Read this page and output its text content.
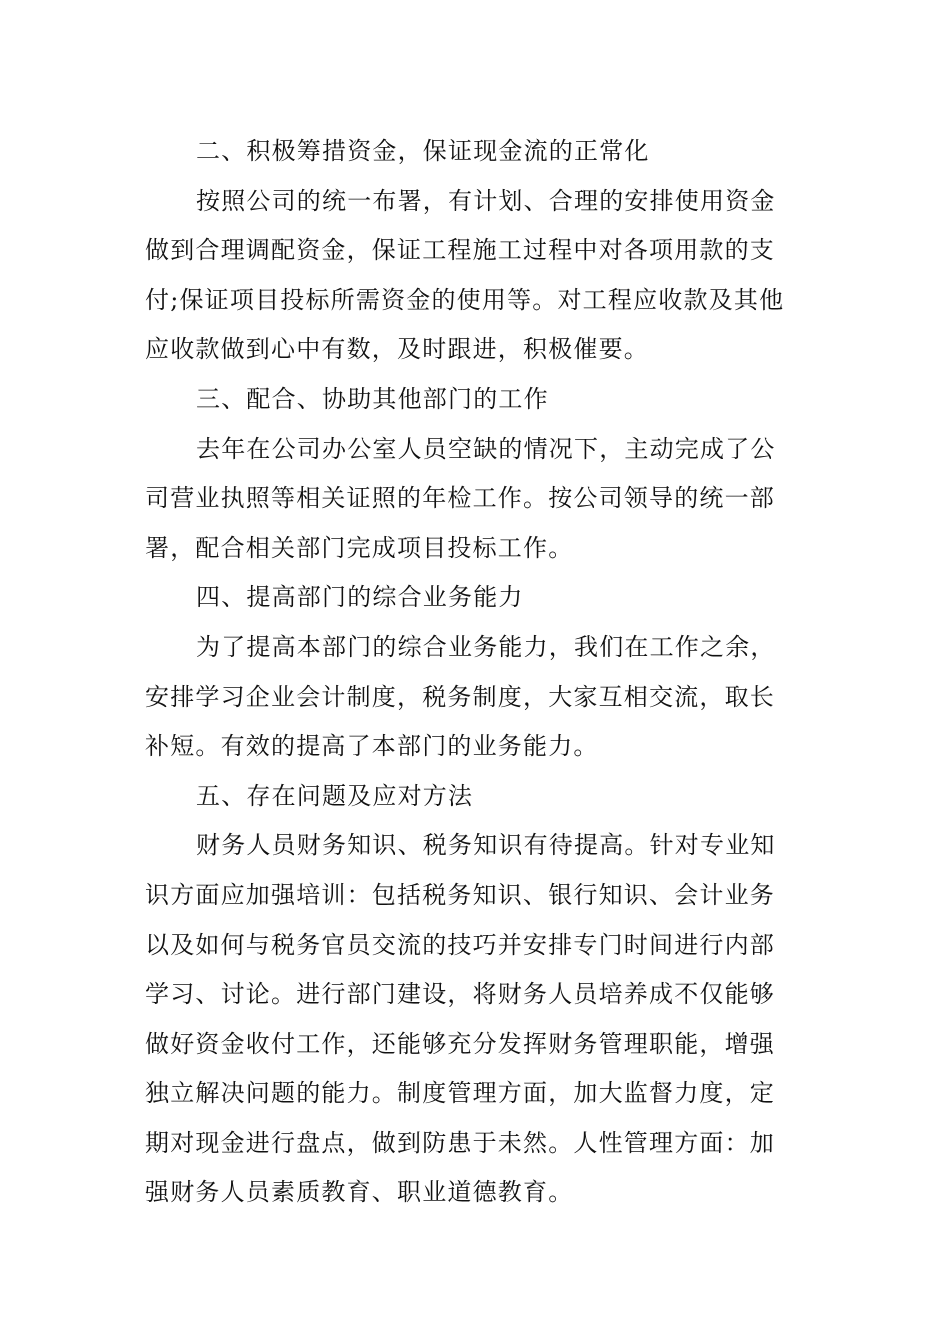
二、积极筹措资金，保证现金流的正常化
按照公司的统一布署，有计划、合理的安排使用资金
做到合理调配资金，保证工程施工过程中对各项用款的支
付;保证项目投标所需资金的使用等。对工程应收款及其他
应收款做到心中有数，及时跟进，积极催要。
三、配合、协助其他部门的工作
去年在公司办公室人员空缺的情况下，主动完成了公
司营业执照等相关证照的年检工作。按公司领导的统一部
署，配合相关部门完成项目投标工作。
四、提高部门的综合业务能力
为了提高本部门的综合业务能力，我们在工作之余，
安排学习企业会计制度，税务制度，大家互相交流，取长
补短。有效的提高了本部门的业务能力。
五、存在问题及应对方法
财务人员财务知识、税务知识有待提高。针对专业知
识方面应加强培训：包括税务知识、银行知识、会计业务
以及如何与税务官员交流的技巧并安排专门时间进行内部
学习、讨论。进行部门建设，将财务人员培养成不仅能够
做好资金收付工作，还能够充分发挥财务管理职能，增强
独立解决问题的能力。制度管理方面，加大监督力度，定
期对现金进行盘点，做到防患于未然。人性管理方面：加
强财务人员素质教育、职业道德教育。
